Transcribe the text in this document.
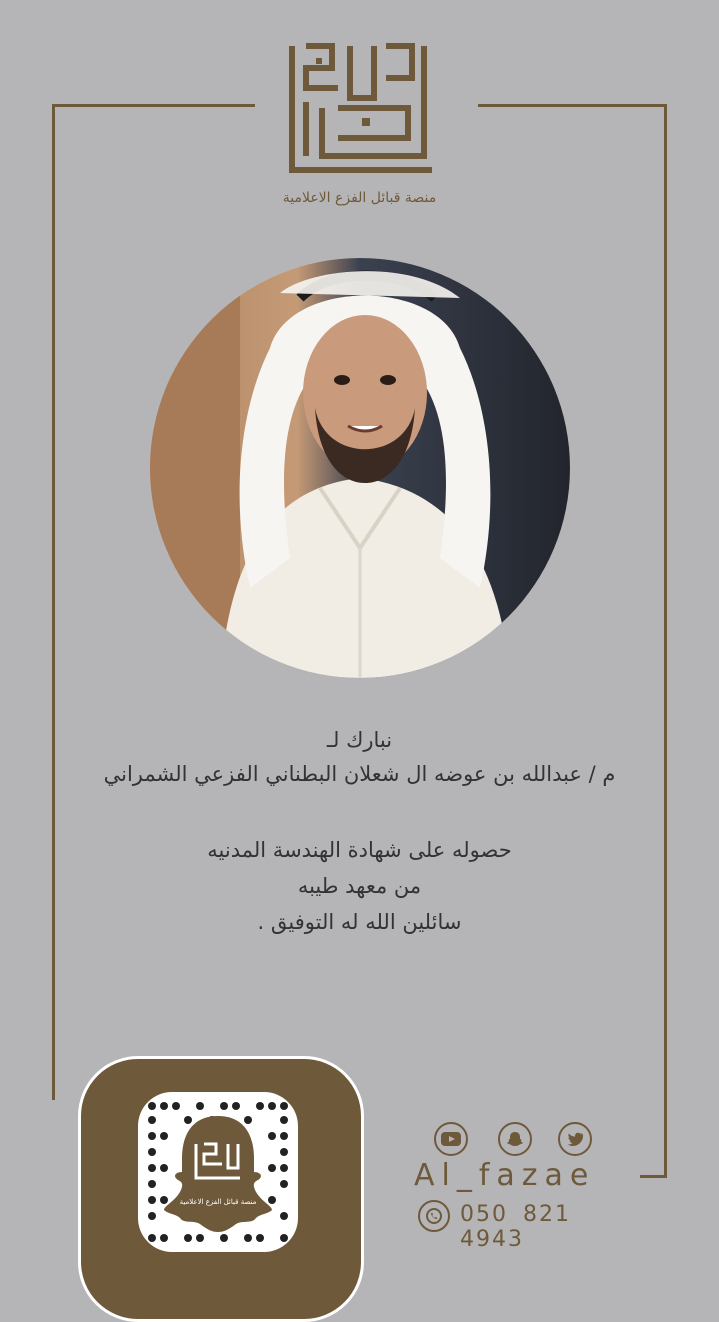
منصة قبائل الفزع الاعلامية
نبارك لـ
م / عبدالله بن عوضه ال شعلان البطناني الفزعي الشمراني
حصوله على شهادة الهندسة المدنيه
من معهد طيبه
سائلين الله له التوفيق .
منصة قبائل الفزع الاعلامية
Al_fazae
050 821 4943
